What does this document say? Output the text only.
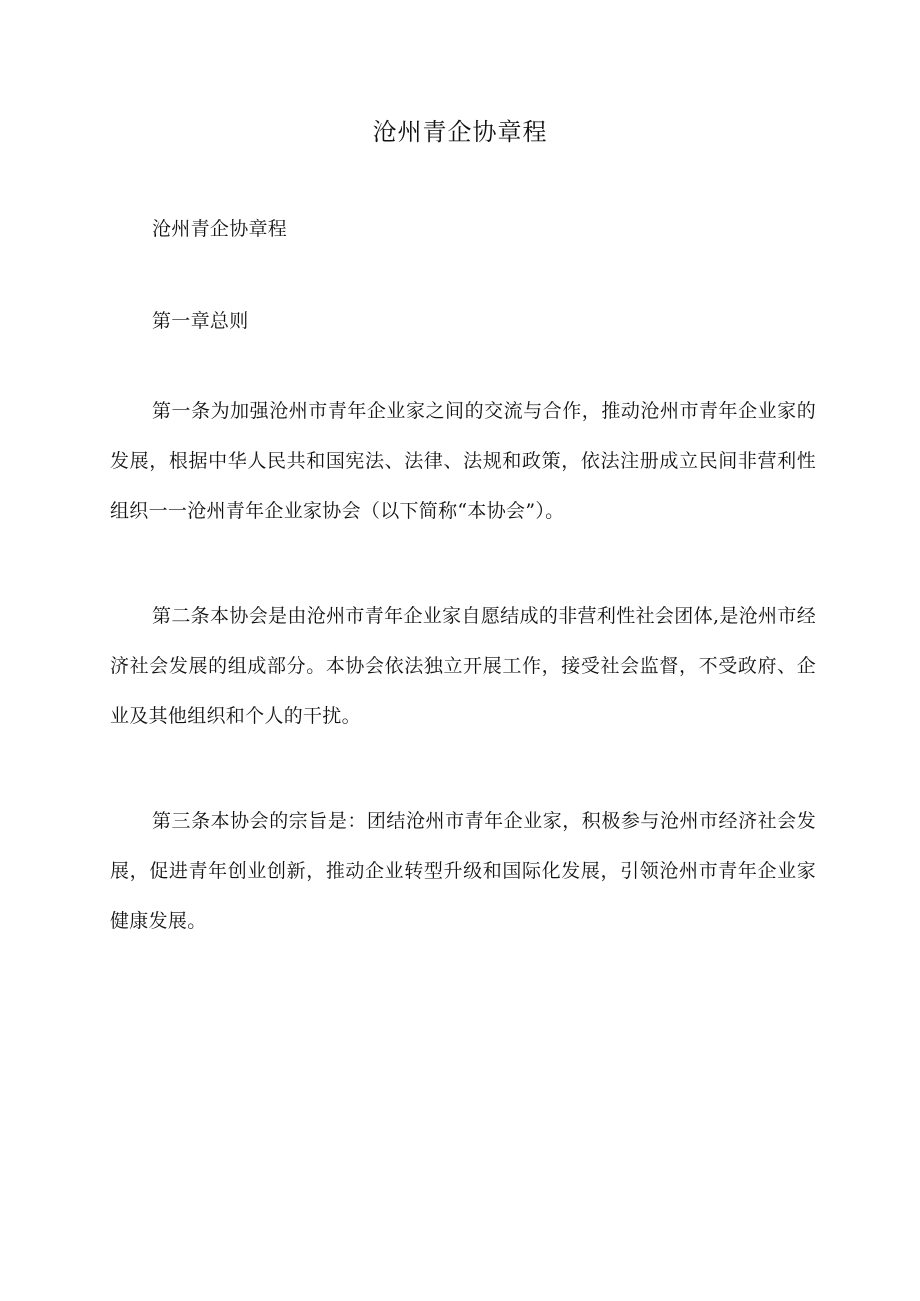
沧州青企协章程

沧州青企协章程

第一章总则

第一条为加强沧州市青年企业家之间的交流与合作，推动沧州市青年企业家的发展，根据中华人民共和国宪法、法律、法规和政策，依法注册成立民间非营利性组织一一沧州青年企业家协会（以下简称“本协会”）。

第二条本协会是由沧州市青年企业家自愿结成的非营利性社会团体,是沧州市经济社会发展的组成部分。本协会依法独立开展工作，接受社会监督，不受政府、企业及其他组织和个人的干扰。

第三条本协会的宗旨是：团结沧州市青年企业家，积极参与沧州市经济社会发展，促进青年创业创新，推动企业转型升级和国际化发展，引领沧州市青年企业家健康发展。
